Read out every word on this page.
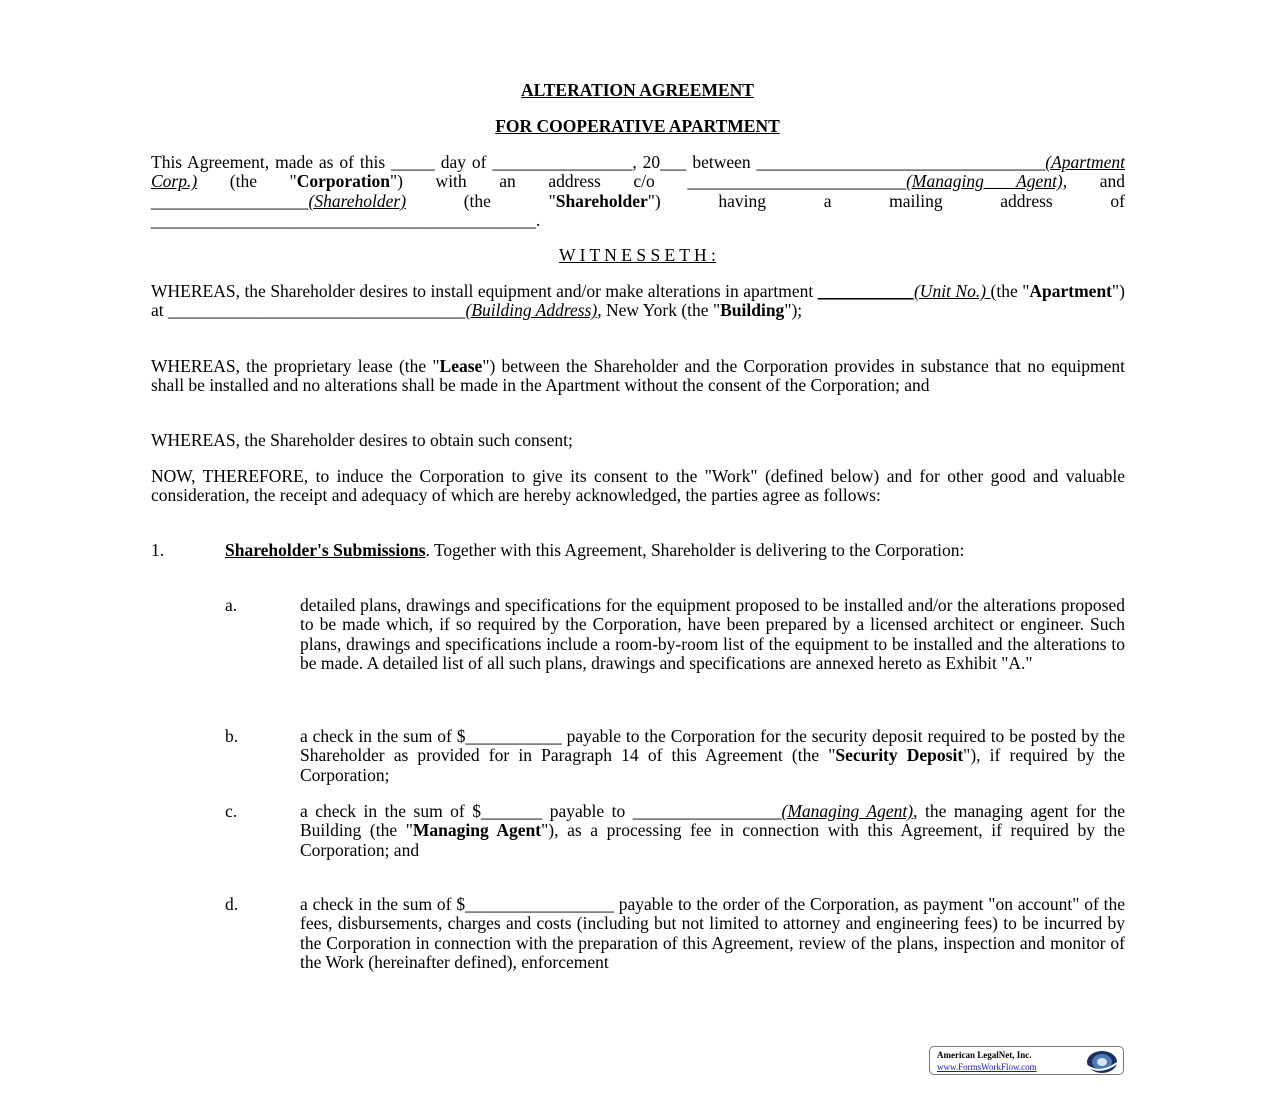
ALTERATION AGREEMENT
FOR COOPERATIVE APARTMENT
This Agreement, made as of this _____ day of ________________, 20___ between _________________________________(Apartment Corp.) (the "Corporation") with an address c/o _________________________(Managing Agent), and __________________(Shareholder) (the "Shareholder") having a mailing address of ____________________________________________.
W I T N E S S E T H :
WHEREAS, the Shareholder desires to install equipment and/or make alterations in apartment ___________(Unit No.) (the "Apartment") at __________________________________(Building Address), New York (the "Building");
WHEREAS, the proprietary lease (the "Lease") between the Shareholder and the Corporation provides in substance that no equipment shall be installed and no alterations shall be made in the Apartment without the consent of the Corporation; and
WHEREAS, the Shareholder desires to obtain such consent;
NOW, THEREFORE, to induce the Corporation to give its consent to the "Work" (defined below) and for other good and valuable consideration, the receipt and adequacy of which are hereby acknowledged, the parties agree as follows:
1.	Shareholder's Submissions. Together with this Agreement, Shareholder is delivering to the Corporation:
a.	detailed plans, drawings and specifications for the equipment proposed to be installed and/or the alterations proposed to be made which, if so required by the Corporation, have been prepared by a licensed architect or engineer. Such plans, drawings and specifications include a room-by-room list of the equipment to be installed and the alterations to be made. A detailed list of all such plans, drawings and specifications are annexed hereto as Exhibit "A."
b.	a check in the sum of $___________ payable to the Corporation for the security deposit required to be posted by the Shareholder as provided for in Paragraph 14 of this Agreement (the "Security Deposit"), if required by the Corporation;
c.	a check in the sum of $_______ payable to _________________(Managing Agent), the managing agent for the Building (the "Managing Agent"), as a processing fee in connection with this Agreement, if required by the Corporation; and
d.	a check in the sum of $_________________ payable to the order of the Corporation, as payment "on account" of the fees, disbursements, charges and costs (including but not limited to attorney and engineering fees) to be incurred by the Corporation in connection with the preparation of this Agreement, review of the plans, inspection and monitor of the Work (hereinafter defined), enforcement
American LegalNet, Inc.
www.FormsWorkFlow.com
